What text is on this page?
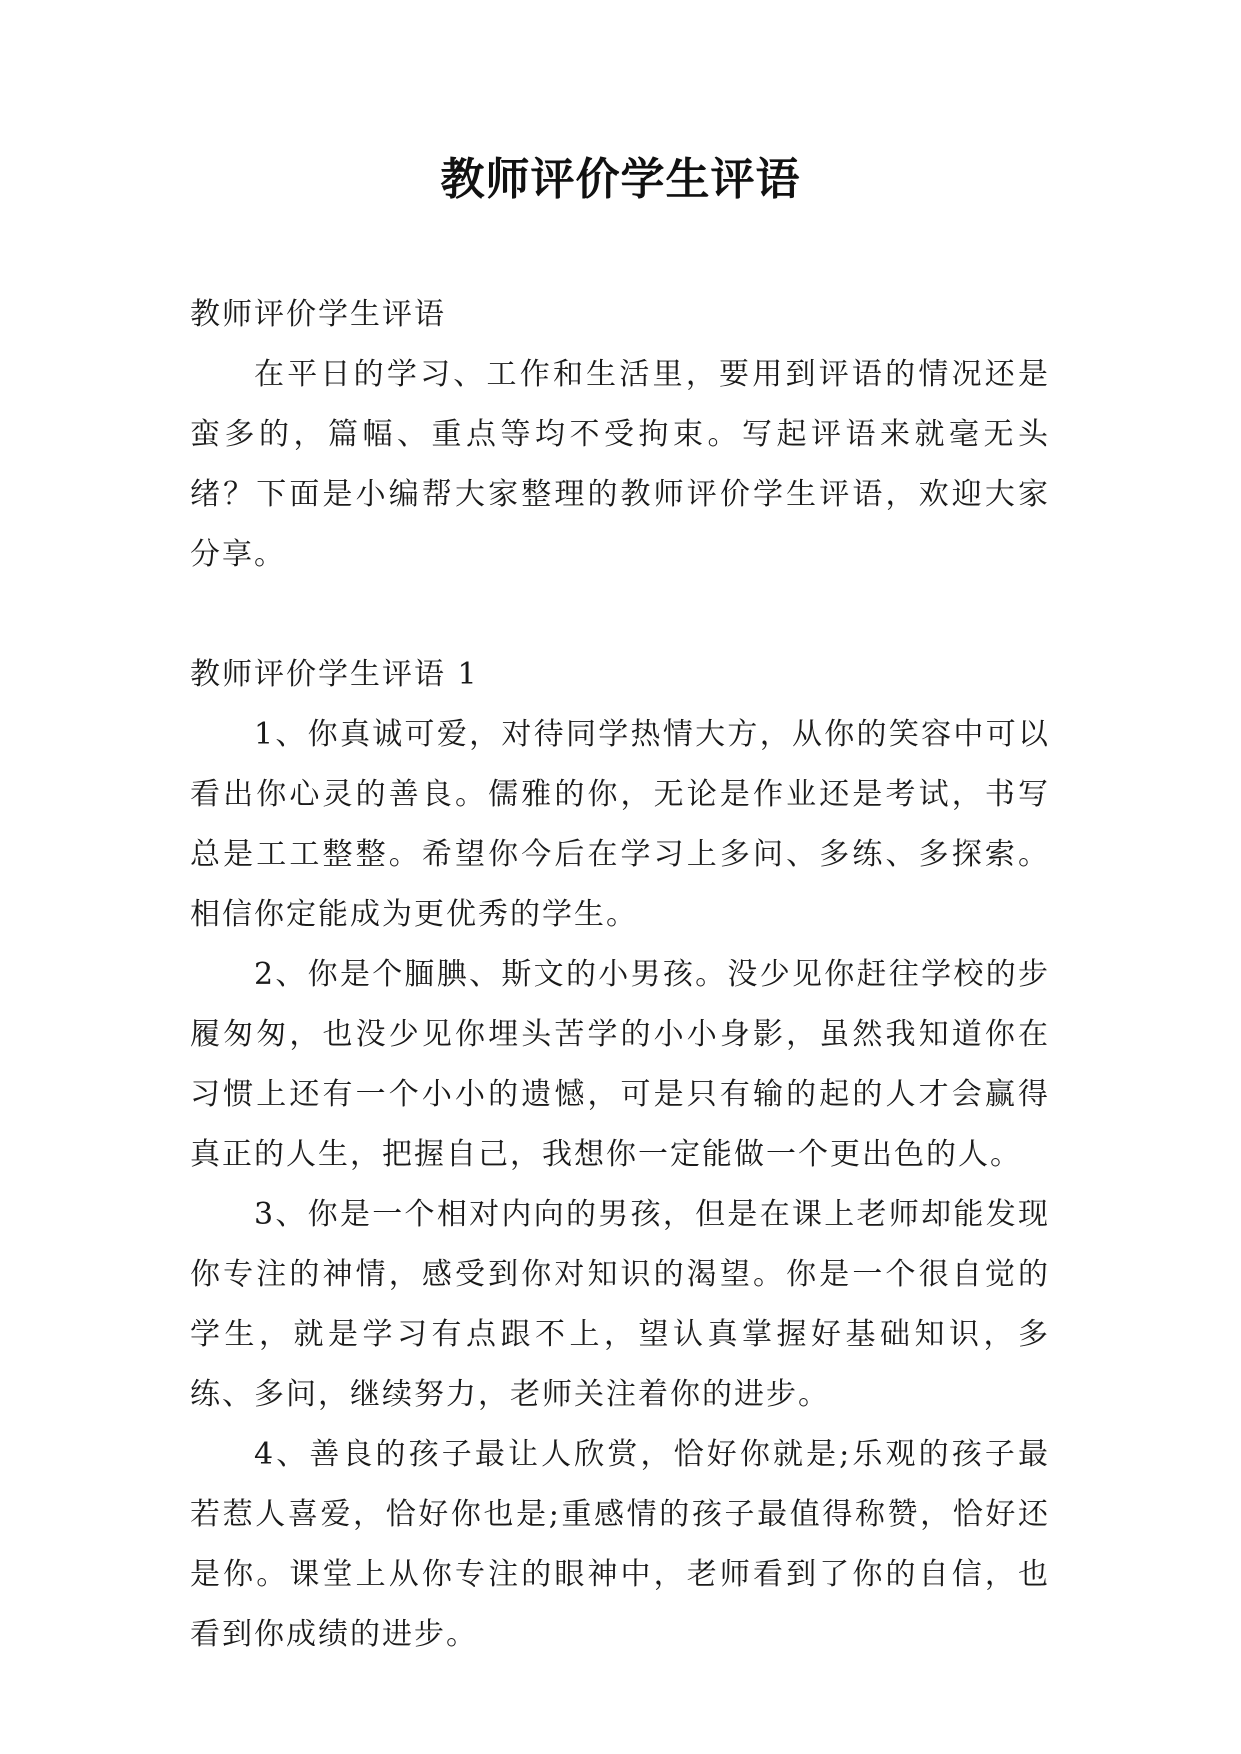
教师评价学生评语

教师评价学生评语

在平日的学习、工作和生活里，要用到评语的情况还是蛮多的，篇幅、重点等均不受拘束。写起评语来就毫无头绪？下面是小编帮大家整理的教师评价学生评语，欢迎大家分享。

教师评价学生评语 1

1、你真诚可爱，对待同学热情大方，从你的笑容中可以看出你心灵的善良。儒雅的你，无论是作业还是考试，书写总是工工整整。希望你今后在学习上多问、多练、多探索。相信你定能成为更优秀的学生。

2、你是个腼腆、斯文的小男孩。没少见你赶往学校的步履匆匆，也没少见你埋头苦学的小小身影，虽然我知道你在习惯上还有一个小小的遗憾，可是只有输的起的人才会赢得真正的人生，把握自己，我想你一定能做一个更出色的人。

3、你是一个相对内向的男孩，但是在课上老师却能发现你专注的神情，感受到你对知识的渴望。你是一个很自觉的学生，就是学习有点跟不上，望认真掌握好基础知识，多练、多问，继续努力，老师关注着你的进步。

4、善良的孩子最让人欣赏，恰好你就是;乐观的孩子最若惹人喜爱，恰好你也是;重感情的孩子最值得称赞，恰好还是你。课堂上从你专注的眼神中，老师看到了你的自信，也看到你成绩的进步。
